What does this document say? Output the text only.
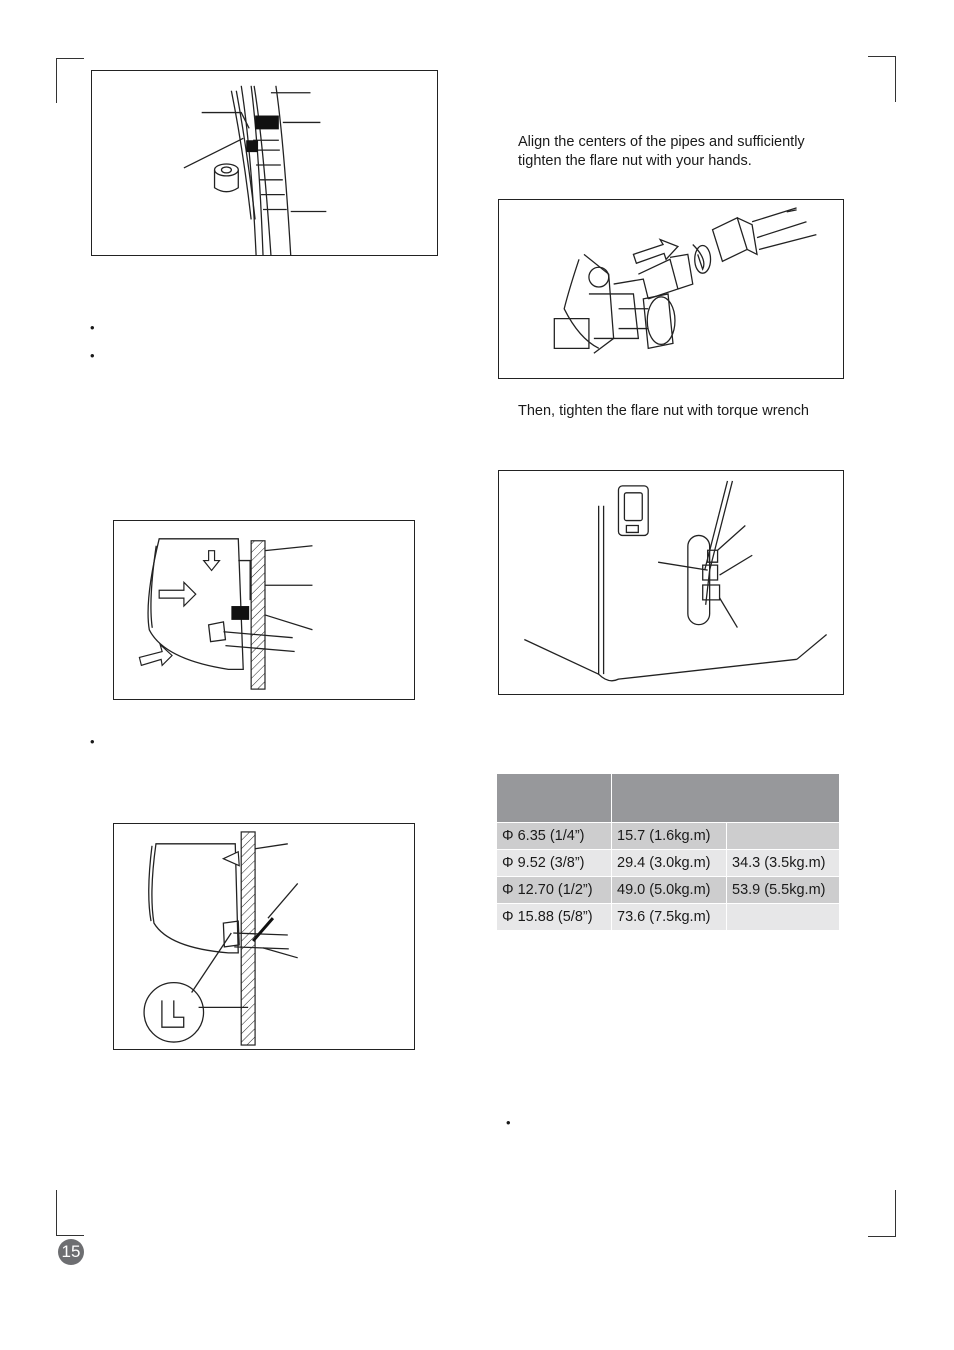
Align the centers of the pipes and sufficiently tighten the flare nut with your hands.
Then, tighten the flare nut with torque wrench
•
•
•

Φ 6.35 (1/4”)	15.7 (1.6kg.m)	
Φ 9.52 (3/8”)	29.4 (3.0kg.m)	34.3 (3.5kg.m)
Φ 12.70 (1/2”)	49.0 (5.0kg.m)	53.9 (5.5kg.m)
Φ 15.88 (5/8”)	73.6 (7.5kg.m)	
•
15
